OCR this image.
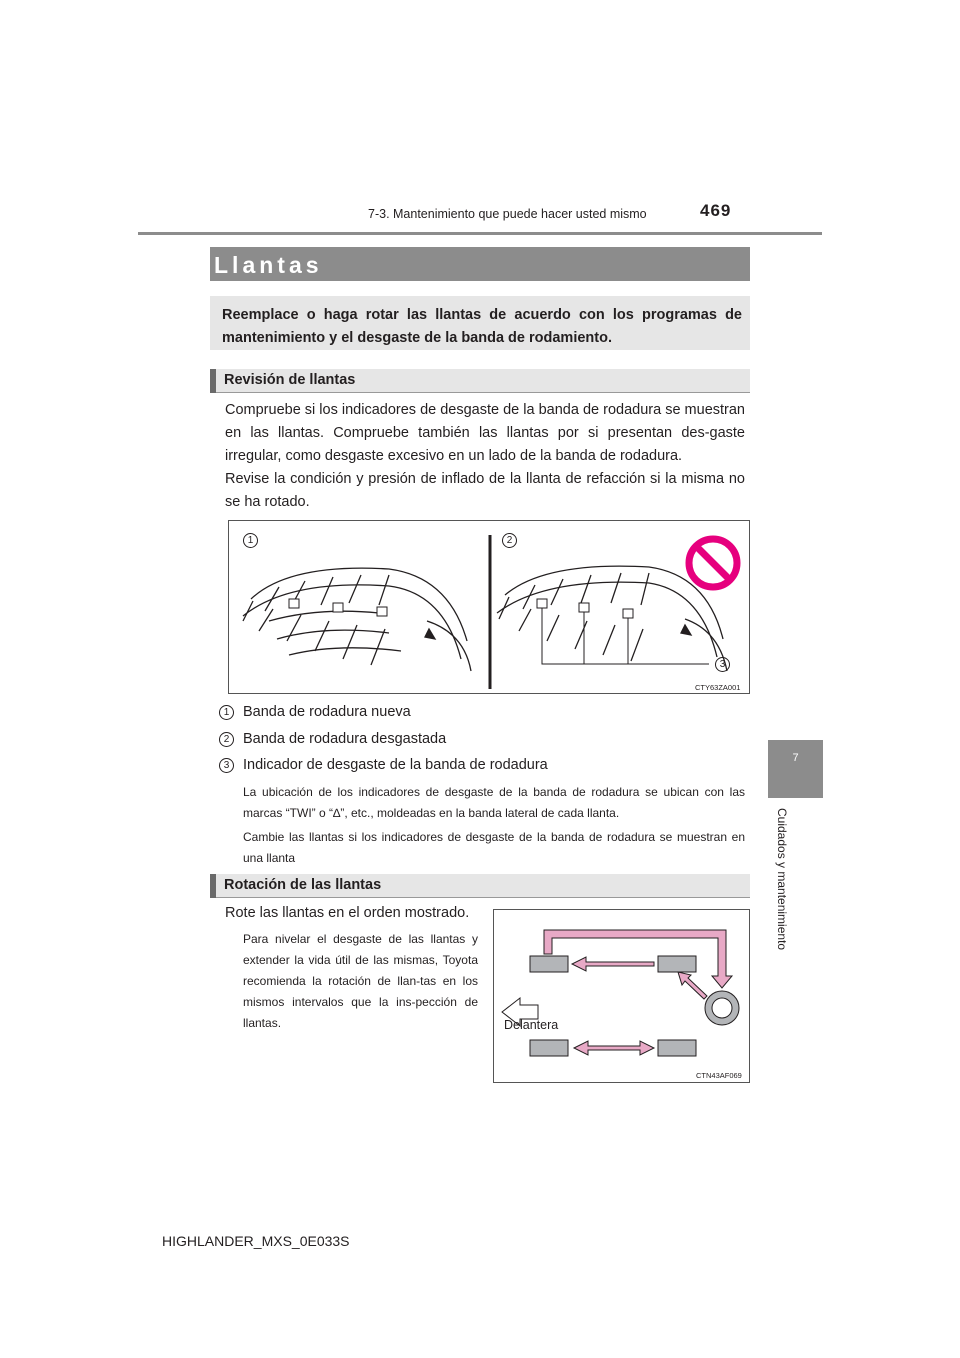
7-3. Mantenimiento que puede hacer usted mismo	469
7
Cuidados y mantenimiento
Llantas
Reemplace o haga rotar las llantas de acuerdo con los programas de mantenimiento y el desgaste de la banda de rodamiento.
Revisión de llantas
Compruebe si los indicadores de desgaste de la banda de rodadura se muestran en las llantas. Compruebe también las llantas por si presentan des-gaste irregular, como desgaste excesivo en un lado de la banda de rodadura.
Revise la condición y presión de inflado de la llanta de refacción si la misma no se ha rotado.
1	2
3
CTY63ZA001
1 Banda de rodadura nueva
2 Banda de rodadura desgastada
3 Indicador de desgaste de la banda de rodadura
La ubicación de los indicadores de desgaste de la banda de rodadura se ubican con las marcas “TWI” o “∆”, etc., moldeadas en la banda lateral de cada llanta.
Cambie las llantas si los indicadores de desgaste de la banda de rodadura se muestran en una llanta
Rotación de las llantas
Rote las llantas en el orden mostrado.
Para nivelar el desgaste de las llantas y extender la vida útil de las mismas, Toyota recomienda la rotación de llan-tas en los mismos intervalos que la ins-pección de llantas.	Delantera
CTN43AF069
HIGHLANDER_MXS_0E033S
